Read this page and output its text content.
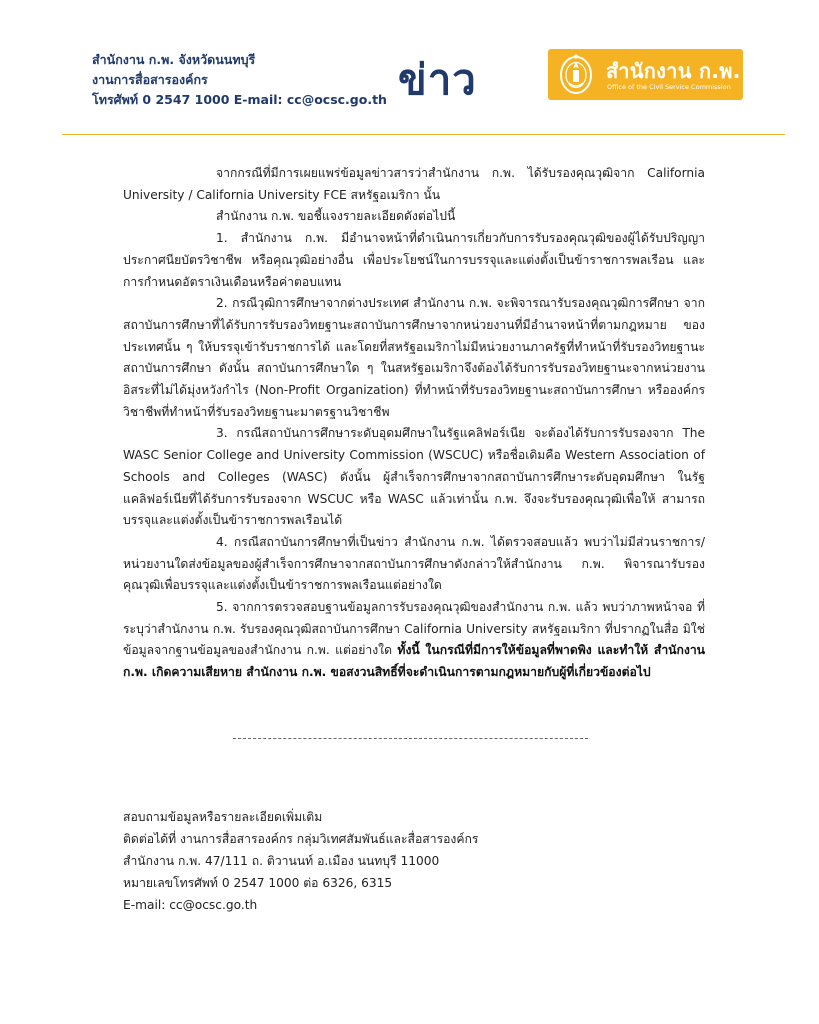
สำนักงาน ก.พ. จังหวัดนนทบุรี
งานการสื่อสารองค์กร
โทรศัพท์ 0 2547 1000 E-mail: cc@ocsc.go.th ข่าว	สำนักงาน ก.พ.
Office of the Civil Service Commission

จากกรณีที่มีการเผยแพร่ข้อมูลข่าวสารว่าสำนักงาน ก.พ. ได้รับรองคุณวุฒิจาก California University / California University FCE สหรัฐอเมริกา นั้น

สำนักงาน ก.พ. ขอชี้แจงรายละเอียดดังต่อไปนี้

1. สำนักงาน ก.พ. มีอำนาจหน้าที่ดำเนินการเกี่ยวกับการรับรองคุณวุฒิของผู้ได้รับปริญญา ประกาศนียบัตรวิชาชีพ หรือคุณวุฒิอย่างอื่น เพื่อประโยชน์ในการบรรจุและแต่งตั้งเป็นข้าราชการพลเรือน และการกำหนดอัตราเงินเดือนหรือค่าตอบแทน

2. กรณีวุฒิการศึกษาจากต่างประเทศ สำนักงาน ก.พ. จะพิจารณารับรองคุณวุฒิการศึกษา จากสถาบันการศึกษาที่ได้รับการรับรองวิทยฐานะสถาบันการศึกษาจากหน่วยงานที่มีอำนาจหน้าที่ตามกฎหมาย ของประเทศนั้น ๆ ให้บรรจุเข้ารับราชการได้ และโดยที่สหรัฐอเมริกาไม่มีหน่วยงานภาครัฐที่ทำหน้าที่รับรองวิทยฐานะ สถาบันการศึกษา ดังนั้น สถาบันการศึกษาใด ๆ ในสหรัฐอเมริกาจึงต้องได้รับการรับรองวิทยฐานะจากหน่วยงาน อิสระที่ไม่ได้มุ่งหวังกำไร (Non-Profit Organization) ที่ทำหน้าที่รับรองวิทยฐานะสถาบันการศึกษา หรือองค์กร วิชาชีพที่ทำหน้าที่รับรองวิทยฐานะมาตรฐานวิชาชีพ

3. กรณีสถาบันการศึกษาระดับอุดมศึกษาในรัฐแคลิฟอร์เนีย จะต้องได้รับการรับรองจาก The WASC Senior College and University Commission (WSCUC) หรือชื่อเดิมคือ Western Association of Schools and Colleges (WASC) ดังนั้น ผู้สำเร็จการศึกษาจากสถาบันการศึกษาระดับอุดมศึกษา ในรัฐแคลิฟอร์เนียที่ได้รับการรับรองจาก WSCUC หรือ WASC แล้วเท่านั้น ก.พ. จึงจะรับรองคุณวุฒิเพื่อให้ สามารถบรรจุและแต่งตั้งเป็นข้าราชการพลเรือนได้

4. กรณีสถาบันการศึกษาที่เป็นข่าว สำนักงาน ก.พ. ได้ตรวจสอบแล้ว พบว่าไม่มีส่วนราชการ/ หน่วยงานใดส่งข้อมูลของผู้สำเร็จการศึกษาจากสถาบันการศึกษาดังกล่าวให้สำนักงาน ก.พ. พิจารณารับรอง คุณวุฒิเพื่อบรรจุและแต่งตั้งเป็นข้าราชการพลเรือนแต่อย่างใด

5. จากการตรวจสอบฐานข้อมูลการรับรองคุณวุฒิของสำนักงาน ก.พ. แล้ว พบว่าภาพหน้าจอ ที่ระบุว่าสำนักงาน ก.พ. รับรองคุณวุฒิสถาบันการศึกษา California University สหรัฐอเมริกา ที่ปรากฏในสื่อ มิใช่ข้อมูลจากฐานข้อมูลของสำนักงาน ก.พ. แต่อย่างใด ทั้งนี้ ในกรณีที่มีการให้ข้อมูลที่พาดพิง และทำให้ สำนักงาน ก.พ. เกิดความเสียหาย สำนักงาน ก.พ. ขอสงวนสิทธิ์ที่จะดำเนินการตามกฎหมายกับผู้ที่เกี่ยวข้องต่อไป

สอบถามข้อมูลหรือรายละเอียดเพิ่มเติม
ติดต่อได้ที่ งานการสื่อสารองค์กร กลุ่มวิเทศสัมพันธ์และสื่อสารองค์กร
สำนักงาน ก.พ. 47/111 ถ. ติวานนท์ อ.เมือง นนทบุรี 11000
หมายเลขโทรศัพท์ 0 2547 1000 ต่อ 6326, 6315
E-mail: cc@ocsc.go.th
